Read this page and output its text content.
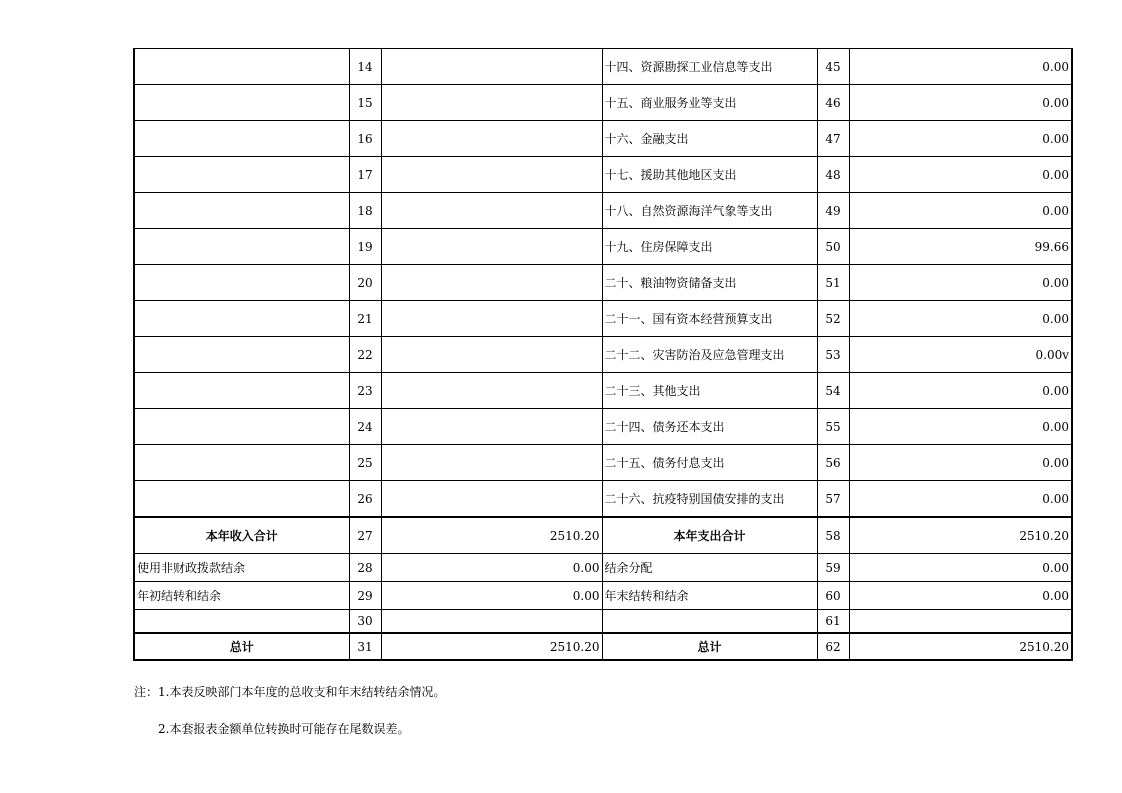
	14		十四、资源勘探工业信息等支出	45	0.00
	15		十五、商业服务业等支出	46	0.00
	16		十六、金融支出	47	0.00
	17		十七、援助其他地区支出	48	0.00
	18		十八、自然资源海洋气象等支出	49	0.00
	19		十九、住房保障支出	50	99.66
	20		二十、粮油物资储备支出	51	0.00
	21		二十一、国有资本经营预算支出	52	0.00
	22		二十二、灾害防治及应急管理支出	53	0.00v
	23		二十三、其他支出	54	0.00
	24		二十四、债务还本支出	55	0.00
	25		二十五、债务付息支出	56	0.00
	26		二十六、抗疫特别国债安排的支出	57	0.00
本年收入合计	27	2510.20	本年支出合计	58	2510.20
使用非财政拨款结余	28	0.00	结余分配	59	0.00
年初结转和结余	29	0.00	年末结转和结余	60	0.00
	30			61	
总计	31	2510.20	总计	62	2510.20
注：1.本表反映部门本年度的总收支和年末结转结余情况。
2.本套报表金额单位转换时可能存在尾数误差。
